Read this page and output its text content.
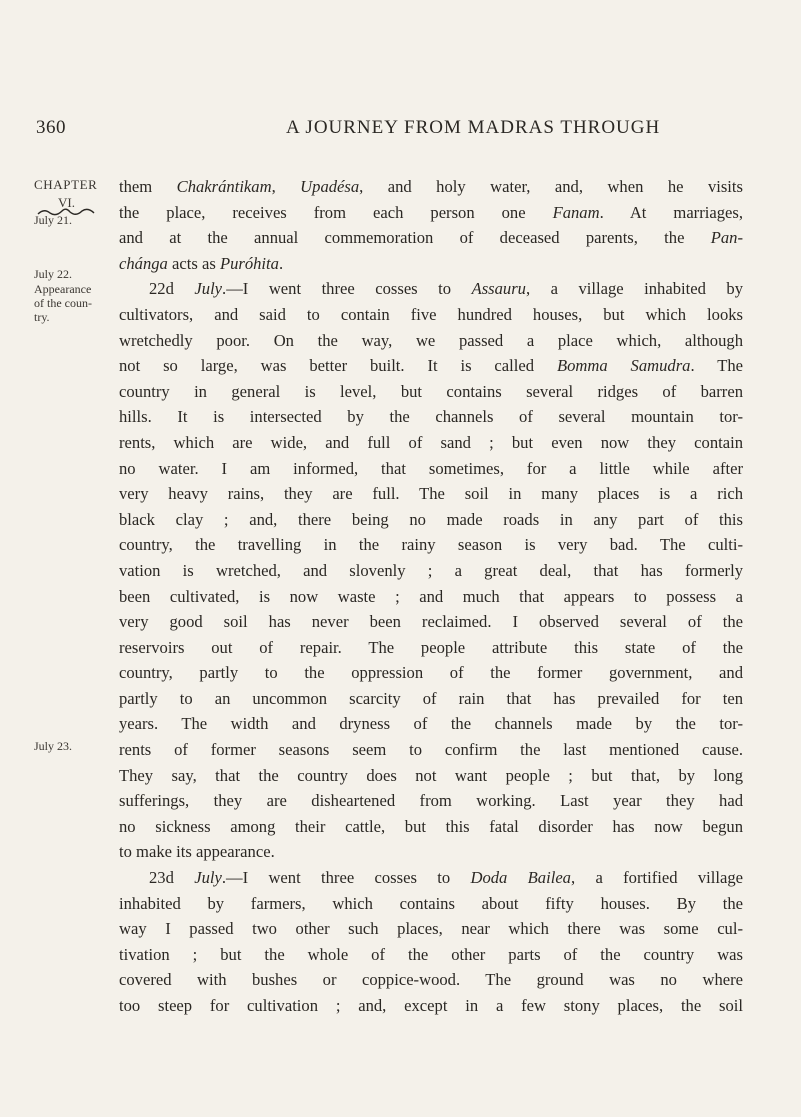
360	A JOURNEY FROM MADRAS THROUGH
CHAPTER
VI.
July 21.
July 22.
Appearance
of the coun-
try.
July 23.
them Chakrántikam, Upadésa, and holy water, and, when he visits
the place, receives from each person one Fanam. At marriages,
and at the annual commemoration of deceased parents, the Pan-
chánga acts as Puróhita.
22d July.—I went three cosses to Assauru, a village inhabited by
cultivators, and said to contain five hundred houses, but which looks
wretchedly poor. On the way, we passed a place which, although
not so large, was better built. It is called Bomma Samudra. The
country in general is level, but contains several ridges of barren
hills. It is intersected by the channels of several mountain tor-
rents, which are wide, and full of sand ; but even now they contain
no water. I am informed, that sometimes, for a little while after
very heavy rains, they are full. The soil in many places is a rich
black clay ; and, there being no made roads in any part of this
country, the travelling in the rainy season is very bad. The culti-
vation is wretched, and slovenly ; a great deal, that has formerly
been cultivated, is now waste ; and much that appears to possess a
very good soil has never been reclaimed. I observed several of the
reservoirs out of repair. The people attribute this state of the
country, partly to the oppression of the former government, and
partly to an uncommon scarcity of rain that has prevailed for ten
years. The width and dryness of the channels made by the tor-
rents of former seasons seem to confirm the last mentioned cause.
They say, that the country does not want people ; but that, by long
sufferings, they are disheartened from working. Last year they had
no sickness among their cattle, but this fatal disorder has now begun
to make its appearance.
23d July.—I went three cosses to Doda Bailea, a fortified village
inhabited by farmers, which contains about fifty houses. By the
way I passed two other such places, near which there was some cul-
tivation ; but the whole of the other parts of the country was
covered with bushes or coppice-wood. The ground was no where
too steep for cultivation ; and, except in a few stony places, the soil
